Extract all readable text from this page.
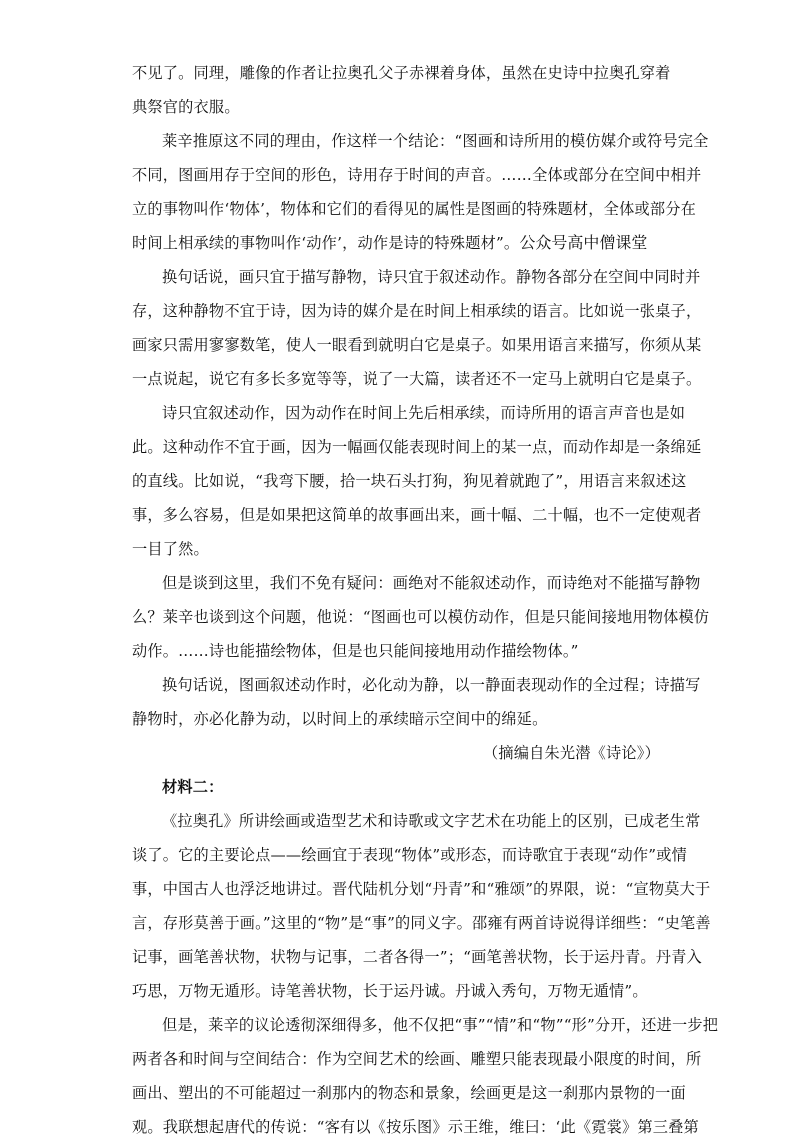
不见了。同理，雕像的作者让拉奥孔父子赤裸着身体，虽然在史诗中拉奥孔穿着
典祭官的衣服。
莱辛推原这不同的理由，作这样一个结论：“图画和诗所用的模仿媒介或符号完全
不同，图画用存于空间的形色，诗用存于时间的声音。……全体或部分在空间中相并
立的事物叫作‘物体’，物体和它们的看得见的属性是图画的特殊题材，全体或部分在
时间上相承续的事物叫作‘动作’，动作是诗的特殊题材”。公众号高中僧课堂
换句话说，画只宜于描写静物，诗只宜于叙述动作。静物各部分在空间中同时并
存，这种静物不宜于诗，因为诗的媒介是在时间上相承续的语言。比如说一张桌子，
画家只需用寥寥数笔，使人一眼看到就明白它是桌子。如果用语言来描写，你须从某
一点说起，说它有多长多宽等等，说了一大篇，读者还不一定马上就明白它是桌子。
诗只宜叙述动作，因为动作在时间上先后相承续，而诗所用的语言声音也是如
此。这种动作不宜于画，因为一幅画仅能表现时间上的某一点，而动作却是一条绵延
的直线。比如说，“我弯下腰，拾一块石头打狗，狗见着就跑了”，用语言来叙述这
事，多么容易，但是如果把这简单的故事画出来，画十幅、二十幅，也不一定使观者
一目了然。
但是谈到这里，我们不免有疑问：画绝对不能叙述动作，而诗绝对不能描写静物
么？莱辛也谈到这个问题，他说：“图画也可以模仿动作，但是只能间接地用物体模仿
动作。……诗也能描绘物体，但是也只能间接地用动作描绘物体。”
换句话说，图画叙述动作时，必化动为静，以一静面表现动作的全过程；诗描写
静物时，亦必化静为动，以时间上的承续暗示空间中的绵延。
（摘编自朱光潜《诗论》）
材料二：
《拉奥孔》所讲绘画或造型艺术和诗歌或文字艺术在功能上的区别，已成老生常
谈了。它的主要论点——绘画宜于表现“物体”或形态，而诗歌宜于表现“动作”或情
事，中国古人也浮泛地讲过。晋代陆机分划“丹青”和“雅颂”的界限，说：“宣物莫大于
言，存形莫善于画。”这里的“物”是“事”的同义字。邵雍有两首诗说得详细些：“史笔善
记事，画笔善状物，状物与记事，二者各得一”；“画笔善状物，长于运丹青。丹青入
巧思，万物无遁形。诗笔善状物，长于运丹诚。丹诚入秀句，万物无遁情”。
但是，莱辛的议论透彻深细得多，他不仅把“事”“情”和“物”“形”分开，还进一步把
两者各和时间与空间结合：作为空间艺术的绘画、雕塑只能表现最小限度的时间，所
画出、塑出的不可能超过一刹那内的物态和景象，绘画更是这一刹那内景物的一面
观。我联想起唐代的传说：“客有以《按乐图》示王维，维曰：‘此《霓裳》第三叠第
